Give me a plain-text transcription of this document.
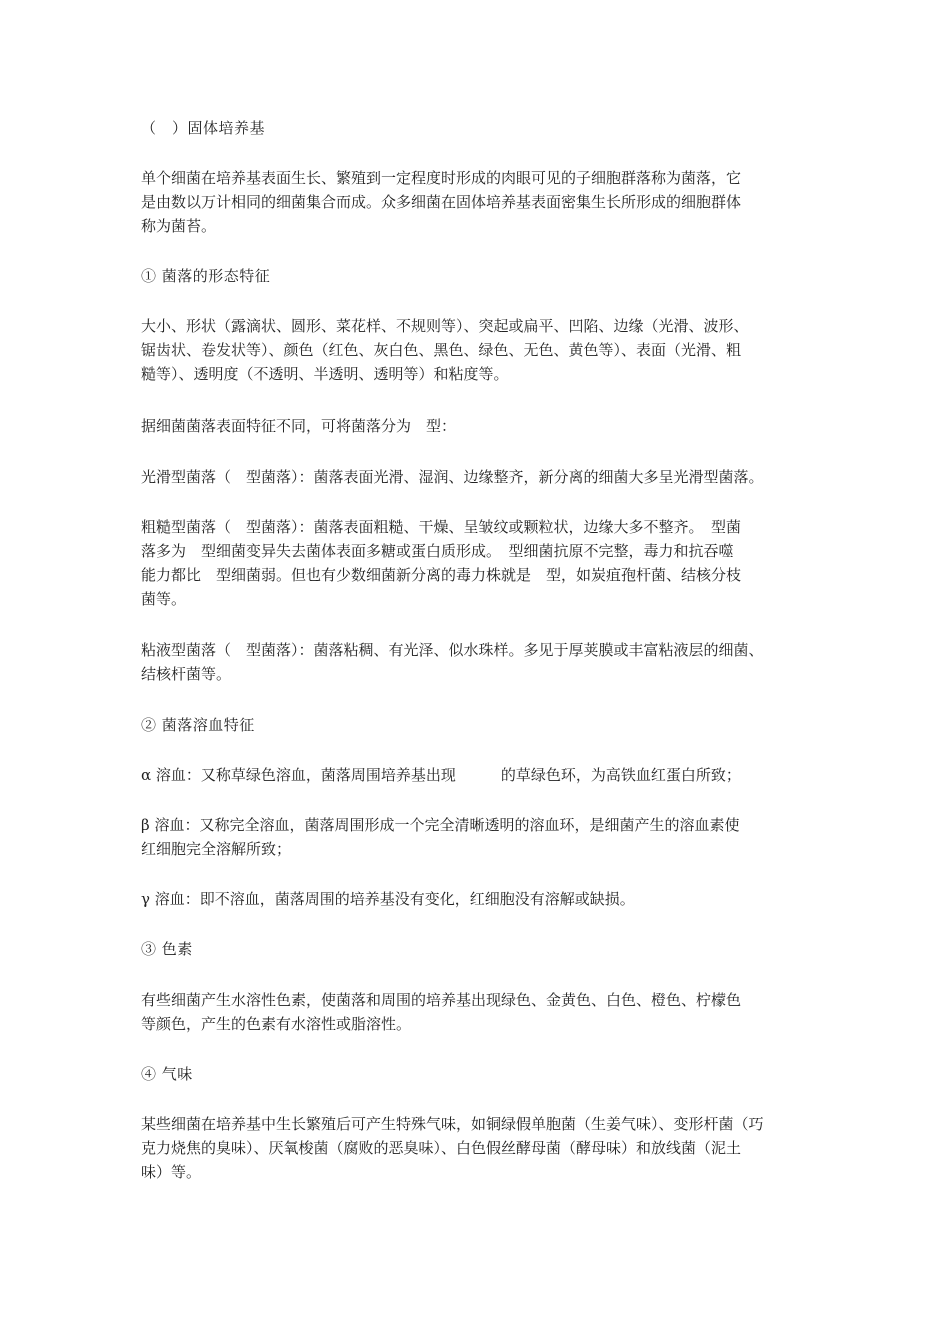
（　）固体培养基

单个细菌在培养基表面生长、繁殖到一定程度时形成的肉眼可见的子细胞群落称为菌落，它

是由数以万计相同的细菌集合而成。众多细菌在固体培养基表面密集生长所形成的细胞群体

称为菌苔。

① 菌落的形态特征

大小、形状（露滴状、圆形、菜花样、不规则等）、突起或扁平、凹陷、边缘（光滑、波形、

锯齿状、卷发状等）、颜色（红色、灰白色、黑色、绿色、无色、黄色等）、表面（光滑、粗

糙等）、透明度（不透明、半透明、透明等）和粘度等。

据细菌菌落表面特征不同，可将菌落分为　型：

光滑型菌落（　型菌落）：菌落表面光滑、湿润、边缘整齐，新分离的细菌大多呈光滑型菌落。

粗糙型菌落（　型菌落）：菌落表面粗糙、干燥、呈皱纹或颗粒状，边缘大多不整齐。　型菌

落多为　型细菌变异失去菌体表面多糖或蛋白质形成。　型细菌抗原不完整，毒力和抗吞噬

能力都比　型细菌弱。但也有少数细菌新分离的毒力株就是　型，如炭疽孢杆菌、结核分枝

菌等。

粘液型菌落（　型菌落）：菌落粘稠、有光泽、似水珠样。多见于厚荚膜或丰富粘液层的细菌、

结核杆菌等。

② 菌落溶血特征

α 溶血：又称草绿色溶血，菌落周围培养基出现　　　的草绿色环，为高铁血红蛋白所致；

β 溶血：又称完全溶血，菌落周围形成一个完全清晰透明的溶血环，是细菌产生的溶血素使

红细胞完全溶解所致；

γ 溶血：即不溶血，菌落周围的培养基没有变化，红细胞没有溶解或缺损。

③ 色素

有些细菌产生水溶性色素，使菌落和周围的培养基出现绿色、金黄色、白色、橙色、柠檬色

等颜色，产生的色素有水溶性或脂溶性。

④ 气味

某些细菌在培养基中生长繁殖后可产生特殊气味，如铜绿假单胞菌（生姜气味）、变形杆菌（巧

克力烧焦的臭味）、厌氧梭菌（腐败的恶臭味）、白色假丝酵母菌（酵母味）和放线菌（泥土

味）等。
